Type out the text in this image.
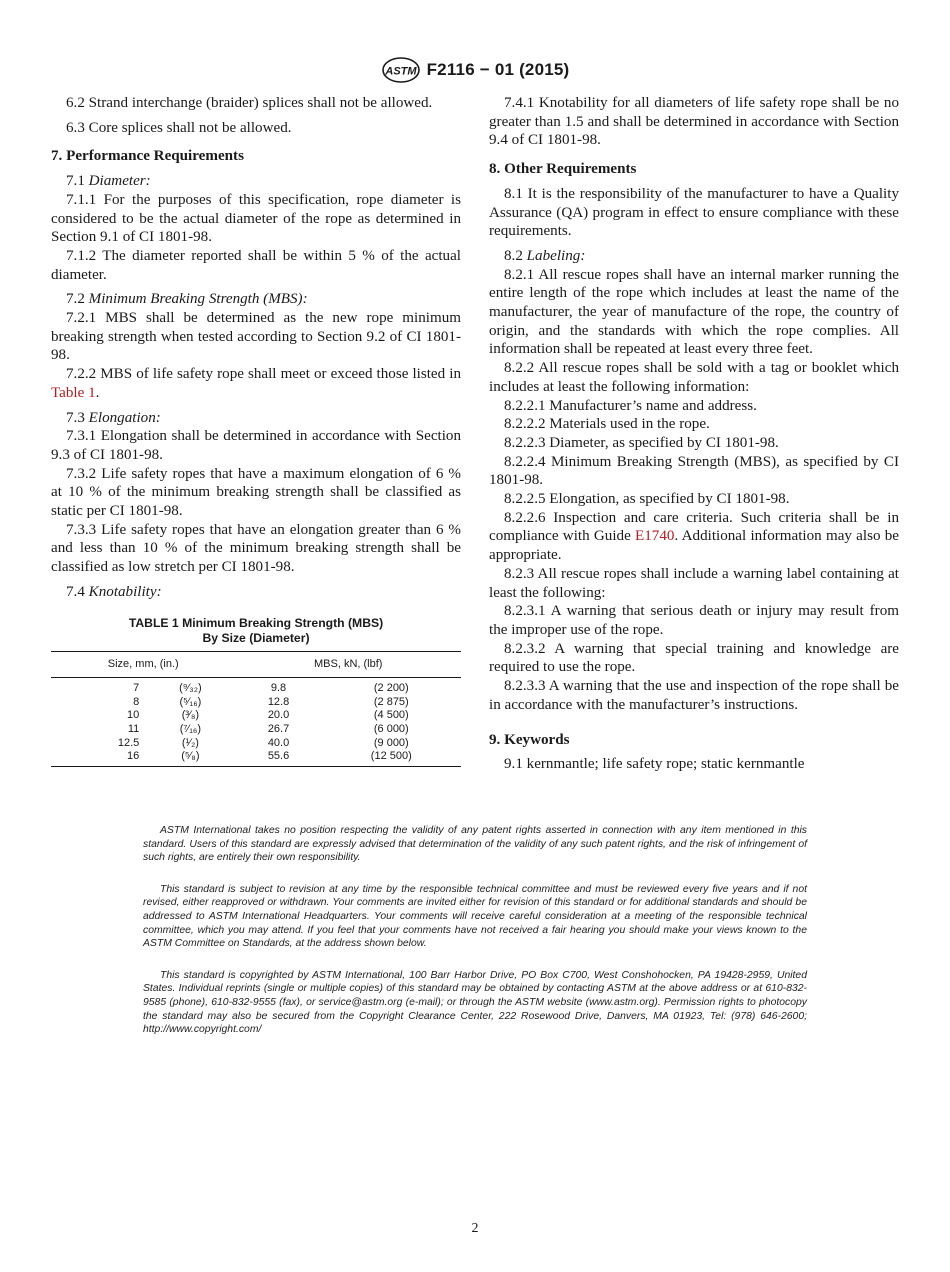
ASTM F2116 − 01 (2015)

6.2 Strand interchange (braider) splices shall not be allowed.

6.3 Core splices shall not be allowed.

7. Performance Requirements

7.1 Diameter:

7.1.1 For the purposes of this specification, rope diameter is considered to be the actual diameter of the rope as determined in Section 9.1 of CI 1801-98.

7.1.2 The diameter reported shall be within 5 % of the actual diameter.

7.2 Minimum Breaking Strength (MBS):

7.2.1 MBS shall be determined as the new rope minimum breaking strength when tested according to Section 9.2 of CI 1801-98.

7.2.2 MBS of life safety rope shall meet or exceed those listed in Table 1.

7.3 Elongation:

7.3.1 Elongation shall be determined in accordance with Section 9.3 of CI 1801-98.

7.3.2 Life safety ropes that have a maximum elongation of 6 % at 10 % of the minimum breaking strength shall be classified as static per CI 1801-98.

7.3.3 Life safety ropes that have an elongation greater than 6 % and less than 10 % of the minimum breaking strength shall be classified as low stretch per CI 1801-98.

7.4 Knotability:

TABLE 1 Minimum Breaking Strength (MBS)
By Size (Diameter)
Size, mm, (in.)		MBS, kN, (lbf)	
7	(⁹⁄₃₂)	9.8	(2 200)
8	(⁵⁄₁₆)	12.8	(2 875)
10	(³⁄₈)	20.0	(4 500)
11	(⁷⁄₁₆)	26.7	(6 000)
12.5	(¹⁄₂)	40.0	(9 000)
16	(⁵⁄₈)	55.6	(12 500)

7.4.1 Knotability for all diameters of life safety rope shall be no greater than 1.5 and shall be determined in accordance with Section 9.4 of CI 1801-98.

8. Other Requirements

8.1 It is the responsibility of the manufacturer to have a Quality Assurance (QA) program in effect to ensure compliance with these requirements.

8.2 Labeling:

8.2.1 All rescue ropes shall have an internal marker running the entire length of the rope which includes at least the name of the manufacturer, the year of manufacture of the rope, the country of origin, and the standards with which the rope complies. All information shall be repeated at least every three feet.

8.2.2 All rescue ropes shall be sold with a tag or booklet which includes at least the following information:

8.2.2.1 Manufacturer’s name and address.

8.2.2.2 Materials used in the rope.

8.2.2.3 Diameter, as specified by CI 1801-98.

8.2.2.4 Minimum Breaking Strength (MBS), as specified by CI 1801-98.

8.2.2.5 Elongation, as specified by CI 1801-98.

8.2.2.6 Inspection and care criteria. Such criteria shall be in compliance with Guide E1740. Additional information may also be appropriate.

8.2.3 All rescue ropes shall include a warning label containing at least the following:

8.2.3.1 A warning that serious death or injury may result from the improper use of the rope.

8.2.3.2 A warning that special training and knowledge are required to use the rope.

8.2.3.3 A warning that the use and inspection of the rope shall be in accordance with the manufacturer’s instructions.

9. Keywords

9.1 kernmantle; life safety rope; static kernmantle

ASTM International takes no position respecting the validity of any patent rights asserted in connection with any item mentioned in this standard. Users of this standard are expressly advised that determination of the validity of any such patent rights, and the risk of infringement of such rights, are entirely their own responsibility.

This standard is subject to revision at any time by the responsible technical committee and must be reviewed every five years and if not revised, either reapproved or withdrawn. Your comments are invited either for revision of this standard or for additional standards and should be addressed to ASTM International Headquarters. Your comments will receive careful consideration at a meeting of the responsible technical committee, which you may attend. If you feel that your comments have not received a fair hearing you should make your views known to the ASTM Committee on Standards, at the address shown below.

This standard is copyrighted by ASTM International, 100 Barr Harbor Drive, PO Box C700, West Conshohocken, PA 19428-2959, United States. Individual reprints (single or multiple copies) of this standard may be obtained by contacting ASTM at the above address or at 610-832-9585 (phone), 610-832-9555 (fax), or service@astm.org (e-mail); or through the ASTM website (www.astm.org). Permission rights to photocopy the standard may also be secured from the Copyright Clearance Center, 222 Rosewood Drive, Danvers, MA 01923, Tel: (978) 646-2600; http://www.copyright.com/

2
